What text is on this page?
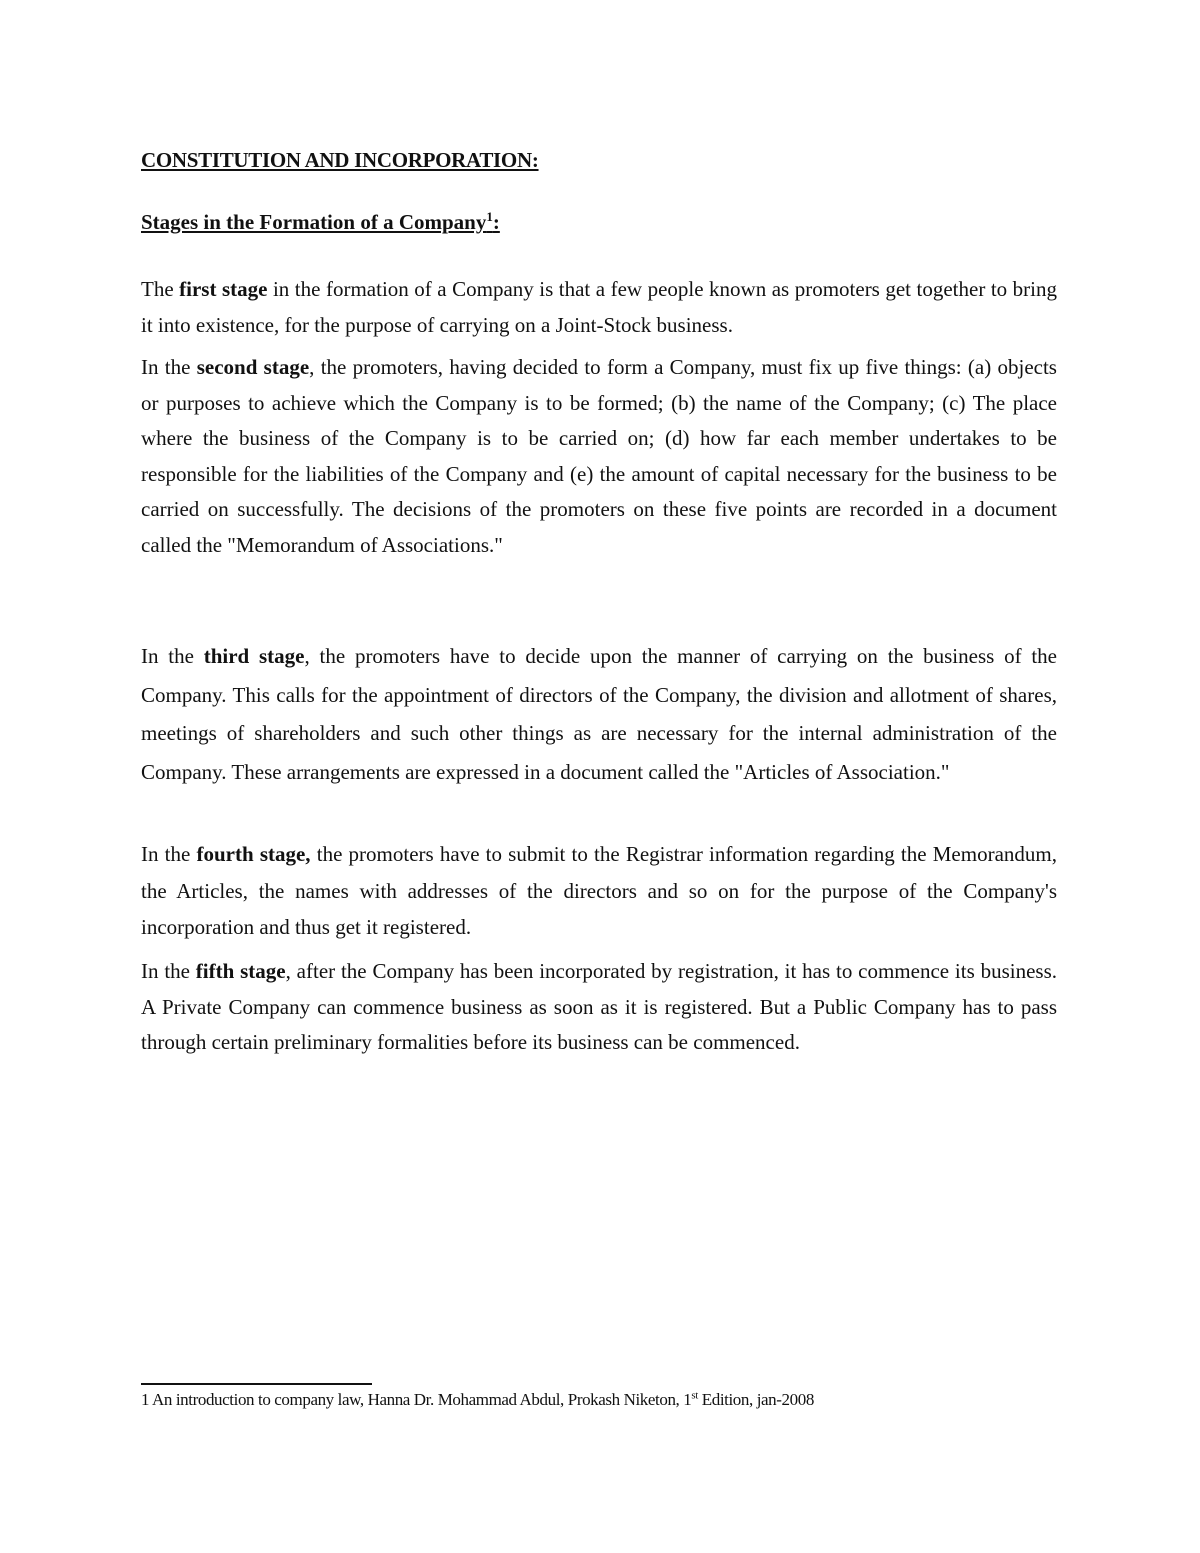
CONSTITUTION AND INCORPORATION:
Stages in the Formation of a Company$^1$:

The first stage in the formation of a Company is that a few people known as promoters get together to bring it into existence, for the purpose of carrying on a Joint-Stock business.

In the second stage, the promoters, having decided to form a Company, must fix up five things: (a) objects or purposes to achieve which the Company is to be formed; (b) the name of the Company; (c) The place where the business of the Company is to be carried on; (d) how far each member undertakes to be responsible for the liabilities of the Company and (e) the amount of capital necessary for the business to be carried on successfully. The decisions of the promoters on these five points are recorded in a document called the "Memorandum of Associations."

In the third stage, the promoters have to decide upon the manner of carrying on the business of the Company. This calls for the appointment of directors of the Company, the division and allotment of shares, meetings of shareholders and such other things as are necessary for the internal administration of the Company. These arrangements are expressed in a document called the "Articles of Association."

In the fourth stage, the promoters have to submit to the Registrar information regarding the Memorandum, the Articles, the names with addresses of the directors and so on for the purpose of the Company's incorporation and thus get it registered.

In the fifth stage, after the Company has been incorporated by registration, it has to commence its business. A Private Company can commence business as soon as it is registered. But a Public Company has to pass through certain preliminary formalities before its business can be commenced.

1 An introduction to company law, Hanna Dr. Mohammad Abdul, Prokash Niketon, 1st Edition, jan-2008
